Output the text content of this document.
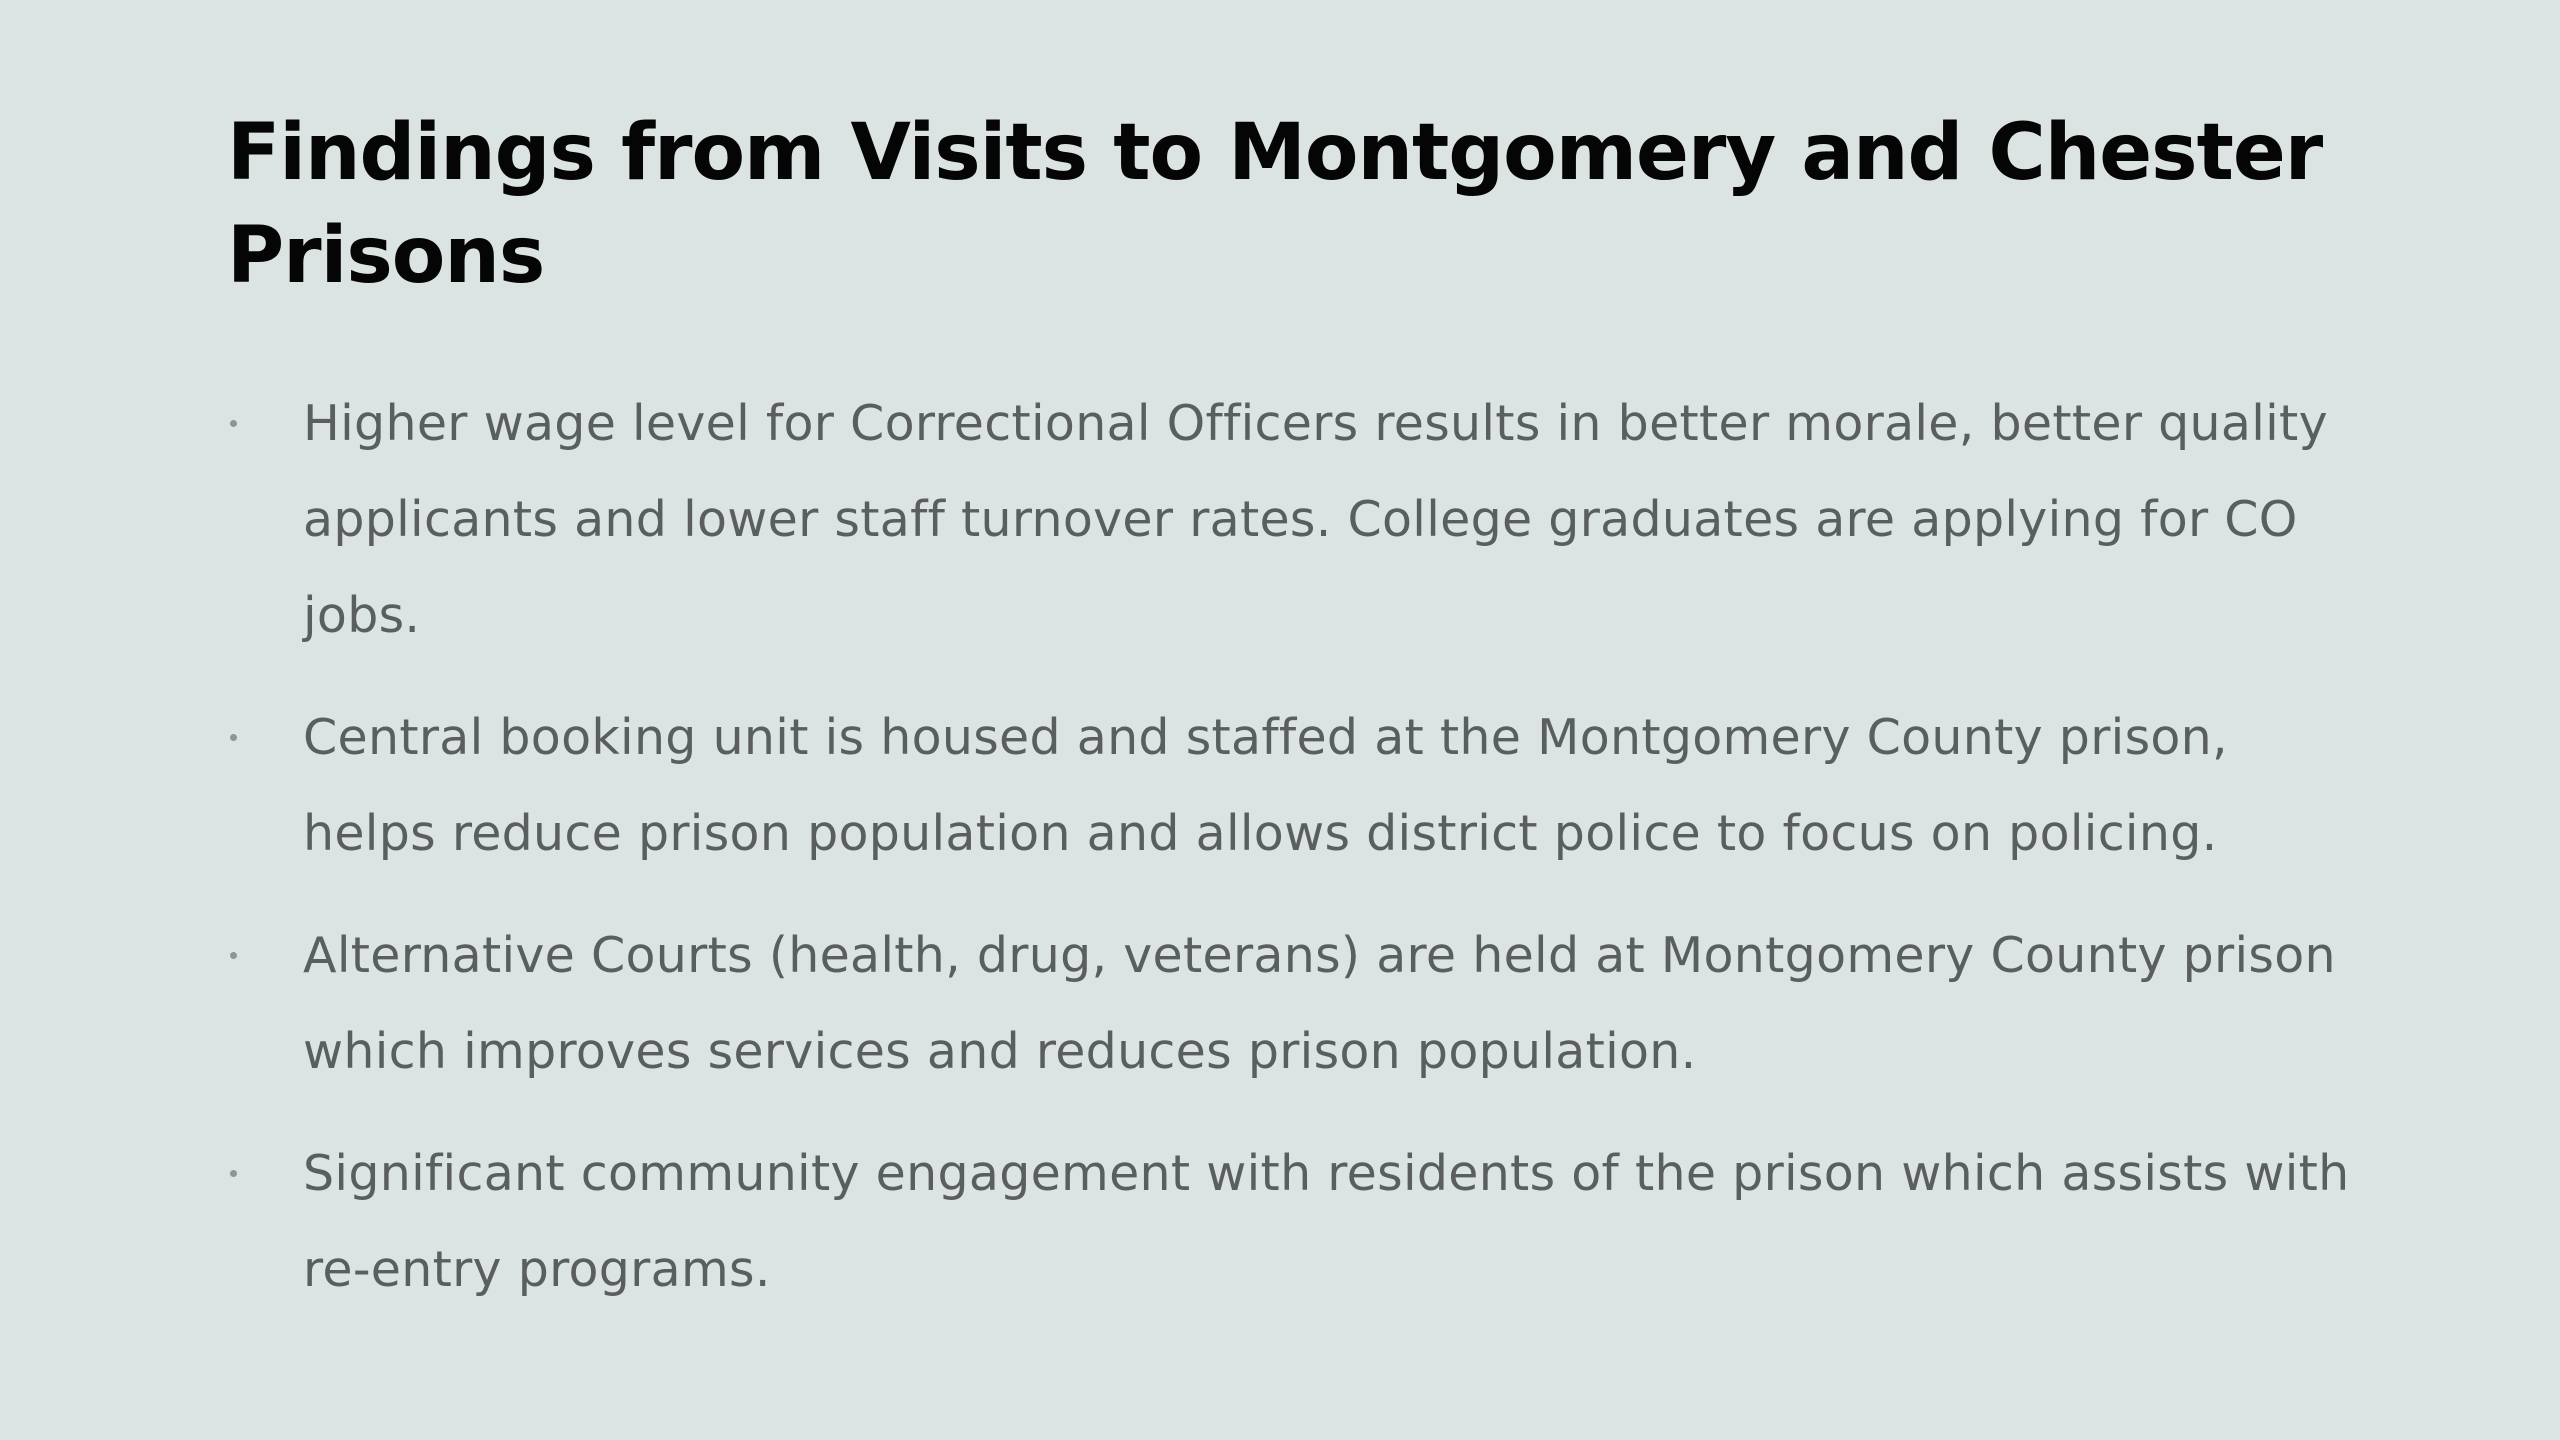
Findings from Visits to Montgomery and Chester Prisons
Higher wage level for Correctional Officers results in better morale, better quality applicants and lower staff turnover rates. College graduates are applying for CO jobs.
Central booking unit is housed and staffed at the Montgomery County prison, helps reduce prison population and allows district police to focus on policing.
Alternative Courts (health, drug, veterans) are held at Montgomery County prison which improves services and reduces prison population.
Significant community engagement with residents of the prison which assists with re-entry programs.
